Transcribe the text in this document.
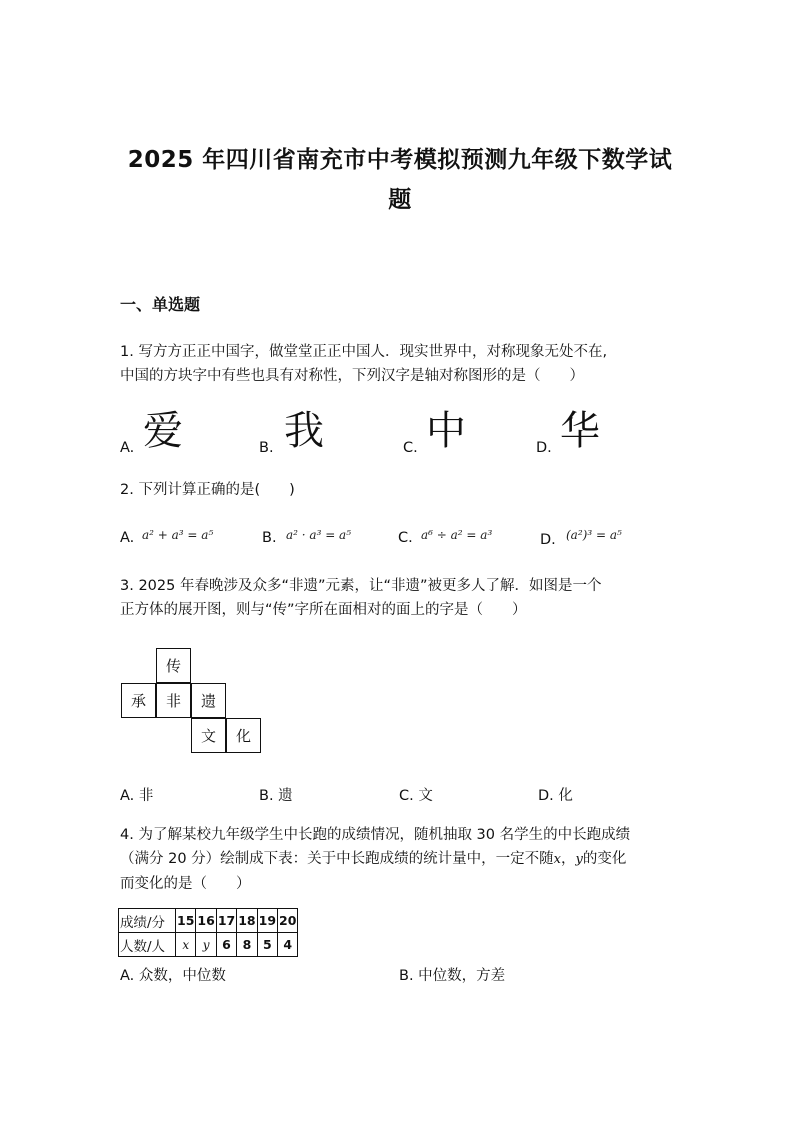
2025 年四川省南充市中考模拟预测九年级下数学试
题
一、单选题
1. 写方方正正中国字，做堂堂正正中国人．现实世界中，对称现象无处不在,
中国的方块字中有些也具有对称性，下列汉字是轴对称图形的是（　　）
A. 爱	B. 我	C. 中	D. 华
2. 下列计算正确的是(　　)
A. a² + a³ = a⁵	B. a² · a³ = a⁵	C. a⁶ ÷ a² = a³	D. (a²)³ = a⁵
3. 2025 年春晚涉及众多“非遗”元素，让“非遗”被更多人了解．如图是一个
正方体的展开图，则与“传”字所在面相对的面上的字是（　　）
传
承	非	遗
文	化
A. 非	B. 遗	C. 文	D. 化
4. 为了解某校九年级学生中长跑的成绩情况，随机抽取 30 名学生的中长跑成绩
（满分 20 分）绘制成下表：关于中长跑成绩的统计量中，一定不随x，y的变化
而变化的是（　　）
成绩/分	15	16	17	18	19	20
人数/人	x	y	6	8	5	4
A. 众数，中位数	B. 中位数，方差
